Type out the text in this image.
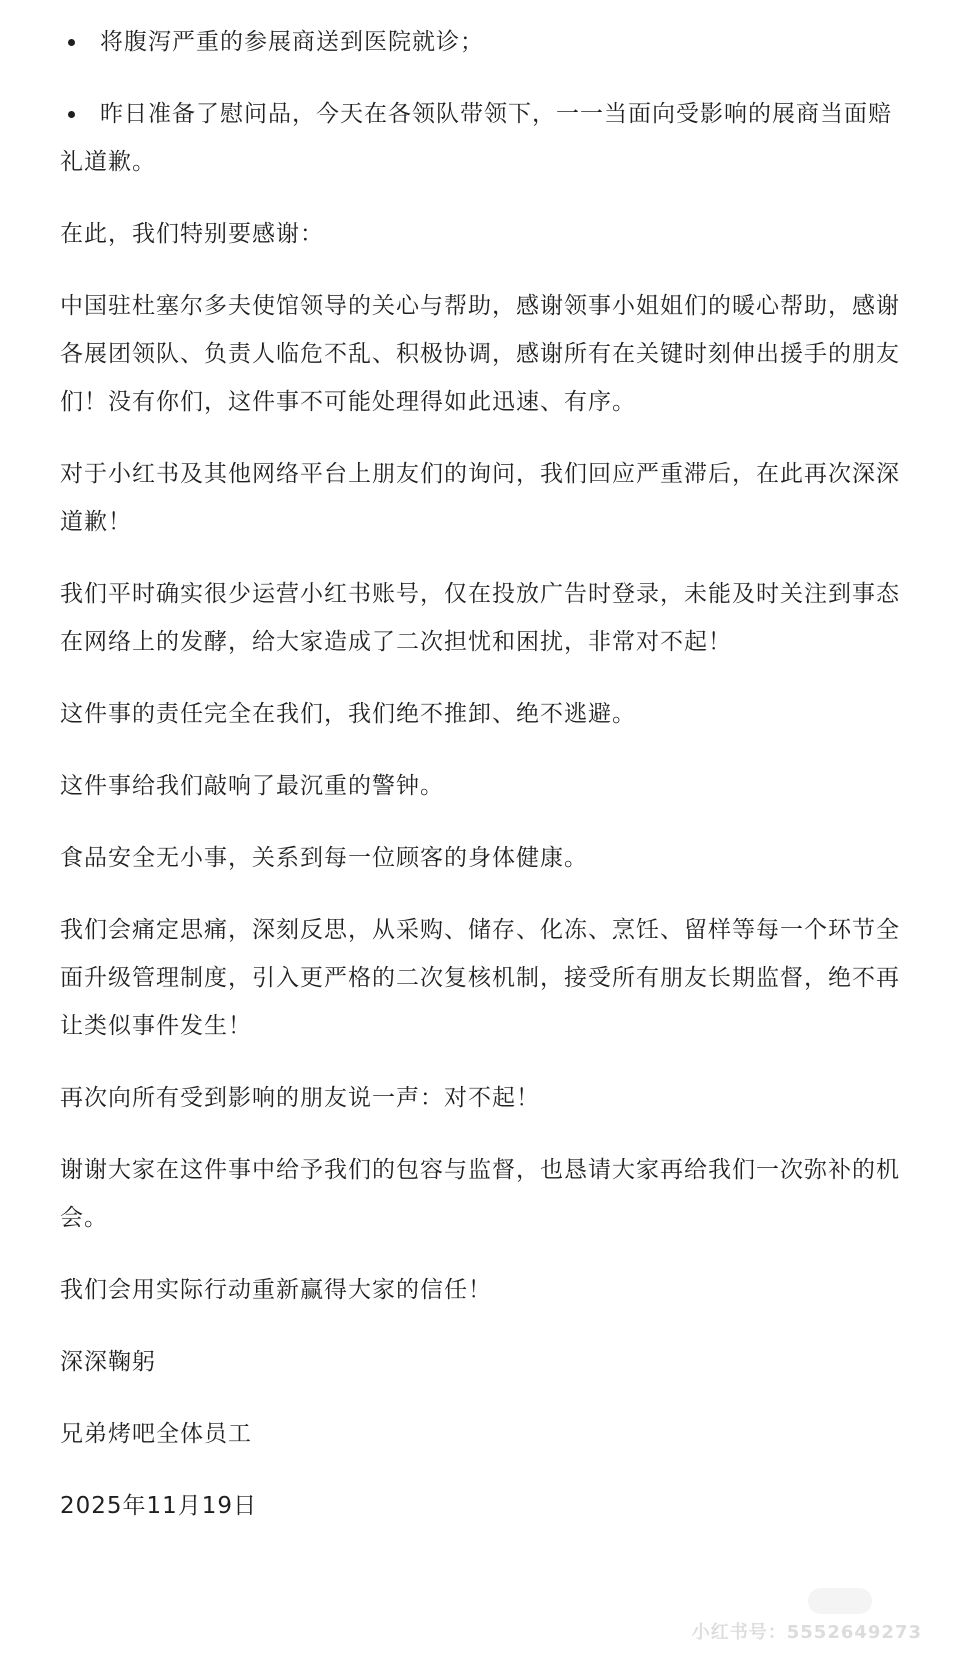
将腹泻严重的参展商送到医院就诊；
昨日准备了慰问品，今天在各领队带领下，一一当面向受影响的展商当面赔礼道歉。
在此，我们特别要感谢：
中国驻杜塞尔多夫使馆领导的关心与帮助，感谢领事小姐姐们的暖心帮助，感谢各展团领队、负责人临危不乱、积极协调，感谢所有在关键时刻伸出援手的朋友们！没有你们，这件事不可能处理得如此迅速、有序。
对于小红书及其他网络平台上朋友们的询问，我们回应严重滞后，在此再次深深道歉！
我们平时确实很少运营小红书账号，仅在投放广告时登录，未能及时关注到事态在网络上的发酵，给大家造成了二次担忧和困扰，非常对不起！
这件事的责任完全在我们，我们绝不推卸、绝不逃避。
这件事给我们敲响了最沉重的警钟。
食品安全无小事，关系到每一位顾客的身体健康。
我们会痛定思痛，深刻反思，从采购、储存、化冻、烹饪、留样等每一个环节全面升级管理制度，引入更严格的二次复核机制，接受所有朋友长期监督，绝不再让类似事件发生！
再次向所有受到影响的朋友说一声：对不起！
谢谢大家在这件事中给予我们的包容与监督，也恳请大家再给我们一次弥补的机会。
我们会用实际行动重新赢得大家的信任！
深深鞠躬
兄弟烤吧全体员工
2025年11月19日
小红书号：5552649273
